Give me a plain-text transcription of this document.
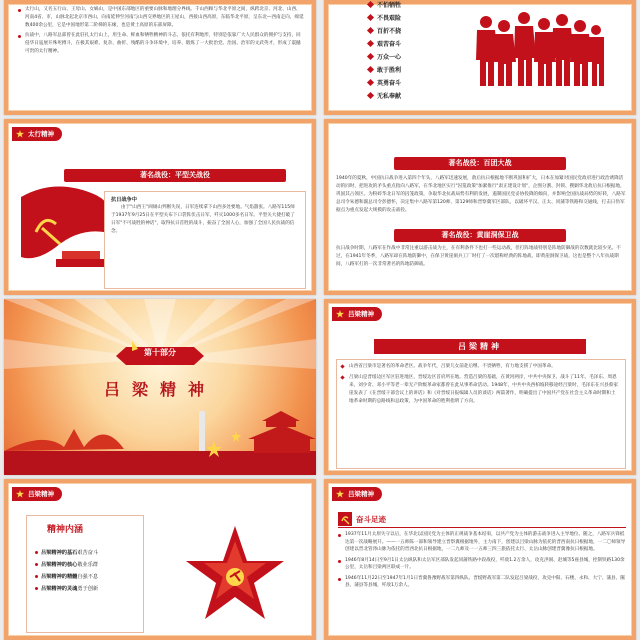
太行山，又名五行山、王母山、女娲山，是中国东部地区的重要山脉和地理分界线。千山西顾与华北平原之间，纵跨北京、河北、山西、河南4省、市，山脉北起北京市西山，向南延伸至河南与山西交界地区的王屋山，西接山西高原，东临华北平原，呈东北—西南走向，绵延数400余公里，它是中国地形第二阶梯的东缘，也是黄土高原的东部屏障。
抗战中，八路军总部曾在此驻扎太行山上，用生命、鲜血和牺牲精神的斗志，依托有利地形，特别是依靠广大人民群众的拥护与支持，同侵华日寇展开殊死搏斗，在极其艰难、复杂、曲折、残酷的斗争环境中，培养、锻炼了一大批治党、治国、治军的文武英才，形成了震撼可贵的太行精神。
不怕牺牲
不畏艰险
百折不挠
艰苦奋斗
万众一心
敢于胜利
英勇奋斗
无私奉献
太行精神
著名战役：平型关战役
抗日战争中
由于"山西王"阎锡山判断失误，日军连续拿下山西多处要地。气焰嚣张。八路军115师于1937年9月25日在平型关布下口袋阵伏击日军，歼灭1000多名日军。平型关大捷打破了日军"不可战胜的神话"，取得抗日首胜的战斗，振奋了全国人心，加强了全国人民抗战的信念。
著名战役：百团大战
1940年的夏秋，中国抗日战争进入第四个年头，八路军迅速发展，敌后抗日根据地不断巩固和扩大，日本在加紧对国民党政府进行政治诱降活动的同时，把进攻的矛头重点指向八路军，在华北地区实行"囚笼政策"加紧推行"肃正建设计划"，企图分割、封锁、搜剿华北敌后抗日根据地，巩固其占领区。为粉碎华北日军的囚笼政策，争取华北抗战局势有利的发展，遏制国民党妥协投降的倾向，并影响全国抗战局势的好转，八路军总司令朱德和副总司令彭德怀，决定集中八路军第120师、第129师和晋察冀军区部队，以破坏平汉、正太、同蒲等铁路和交通线，打击日伪军据点为重点发起大规模的攻击战役。
著名战役：黄崖洞保卫战
抗日战争时期，八路军在作战中非常注重以游击战为主，在有利条件下也打一些运动战，但打阵地战特别是阵地防御战的次数就比较少见。不过，在1941年冬季，八路军却在阵地防御中，在保卫黄崖洞兵工厂时打了一次堪称经典的阵地战，即黄崖洞保卫战，这也是整个八年抗战期间，八路军打的一次非常著名的阵地防御战。
第十部分
吕梁精神
吕梁精神
吕梁精神
山西省吕梁市是著名的革命老区。战争年代，吕梁儿女前赴后继、不畏牺牲，有力地支援了中国革命。
吕梁山是晋绥边区军区驻进地区，晋绥边区首府所在地。营造吕梁的基础，在黄河两岸，中共中央保卫、战斗了11年。毛泽东、周恩来、刘少奇、邓小平等老一辈无产阶级革命家都曾在此从事革命活动。1948年，中共中央西柏坡转移途经吕梁时，毛泽东在兴县蔡家崖发表了《在晋绥干部会议上的讲话》和《对晋绥日报编辑人员的谈话》两篇著作，明确提出了中国共产党在社会主义革命时期和土地革命时期的总路线和总政策，为中国革命的胜利指明了方向。
吕梁精神
精神内涵
吕梁精神的基石艰苦奋斗
吕梁精神的核心敬业乐群
吕梁精神的精髓自强不息
吕梁精神的灵魂勇于创新
吕梁精神
奋斗足迹
1937年11月太原失守以后，在华北以国民党为主体的正规战争基本结束，以共产党为主体的游击战争进入主导地位。随之，八路军兵锋抵达第一次战略展开。——一五师陈一部和领导建立晋察冀根据地外，主力南下，创建以吕梁山脉为依托的晋西南抗日根据地，一二〇师领导创建以晋北管涔山脉为依托的晋西北抗日根据地，一二九师及一一五师三四三旅依托太行、太岳山脉创建晋冀豫抗日根据地。
1946年8月14日至9月1日太岳纵队和太岳军区部队发起同蒲铁路中段战役，歼敌1.2万余人，攻克洪洞、赵城等5座县城，控制铁路130余公里，太岳和吕梁两区联成一片。
1946年11月22日至1947年1月1日晋冀鲁豫野战军第四纵队、晋绥野战军第二队发起吕梁战役，攻克中阳、石楼、永和、大宁、蒲县、隰县、蒲县等县城，歼敌1万余人。
